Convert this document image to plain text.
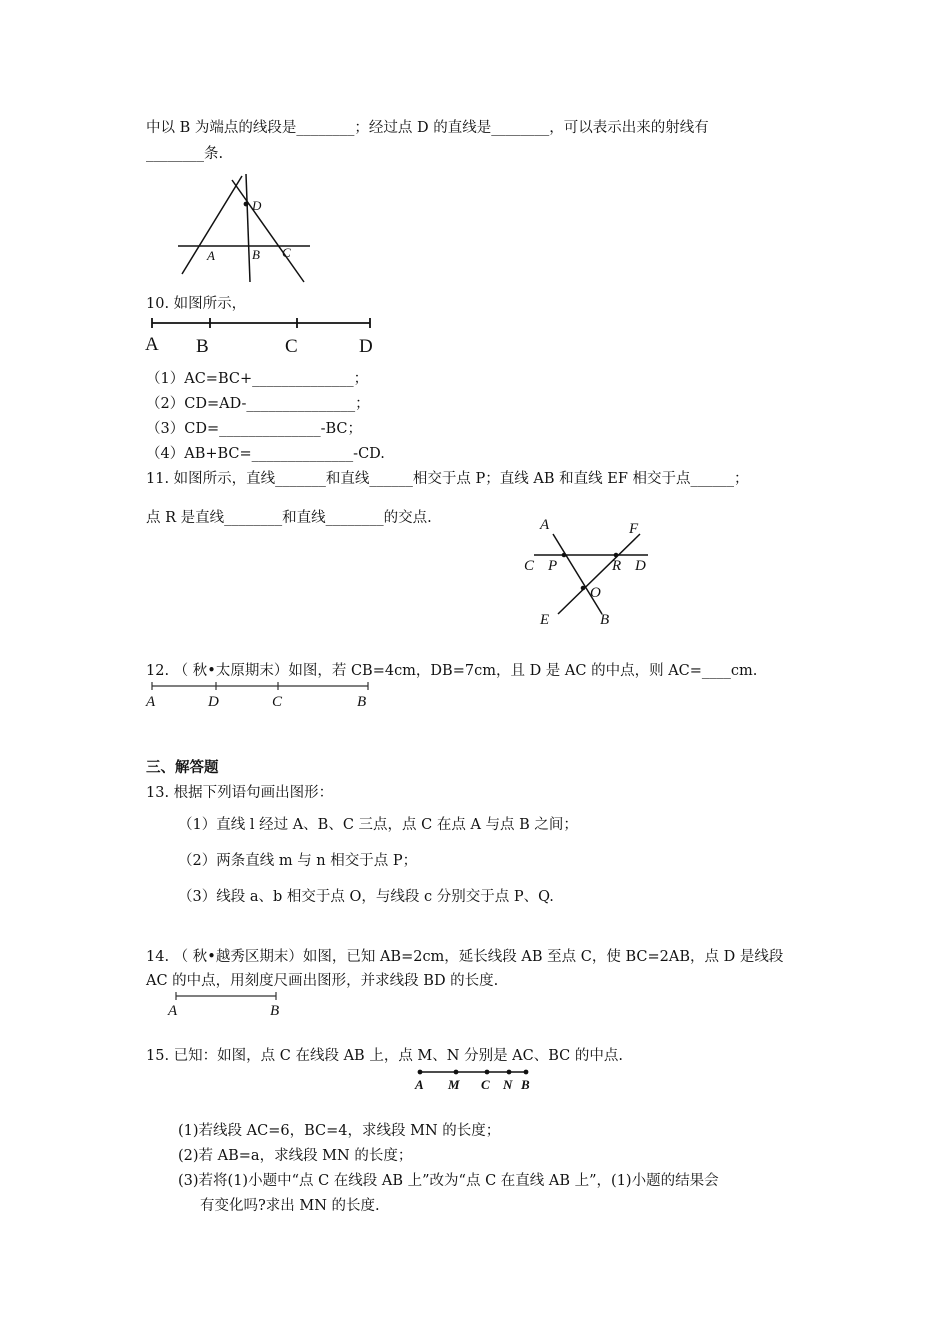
中以 B 为端点的线段是________；经过点 D 的直线是________，可以表示出来的射线有
________条.
D
A	B C
10. 如图所示，
A B	C	D
（1）AC=BC+______________；
（2）CD=AD-_______________；
（3）CD=______________-BC；
（4）AB+BC=______________-CD.
11. 如图所示，直线_______和直线______相交于点 P；直线 AB 和直线 EF 相交于点______；
点 R 是直线________和直线________的交点.	A	F
C P	R D
O
E	B
12. （ 秋•太原期末）如图，若 CB=4cm，DB=7cm，且 D 是 AC 的中点，则 AC=____cm.
A	D	C	B
三、解答题
13. 根据下列语句画出图形：
（1）直线 l 经过 A、B、C 三点，点 C 在点 A 与点 B 之间；
（2）两条直线 m 与 n 相交于点 P；
（3）线段 a、b 相交于点 O，与线段 c 分别交于点 P、Q.
14. （ 秋•越秀区期末）如图，已知 AB=2cm，延长线段 AB 至点 C，使 BC=2AB，点 D 是线段
AC 的中点，用刻度尺画出图形，并求线段 BD 的长度.
A	B
15. 已知：如图，点 C 在线段 AB 上，点 M、N 分别是 AC、BC 的中点.
A M C N B
(1)若线段 AC=6，BC=4，求线段 MN 的长度；
(2)若 AB=a，求线段 MN 的长度；
(3)若将(1)小题中“点 C 在线段 AB 上”改为“点 C 在直线 AB 上”，(1)小题的结果会
有变化吗?求出 MN 的长度.
